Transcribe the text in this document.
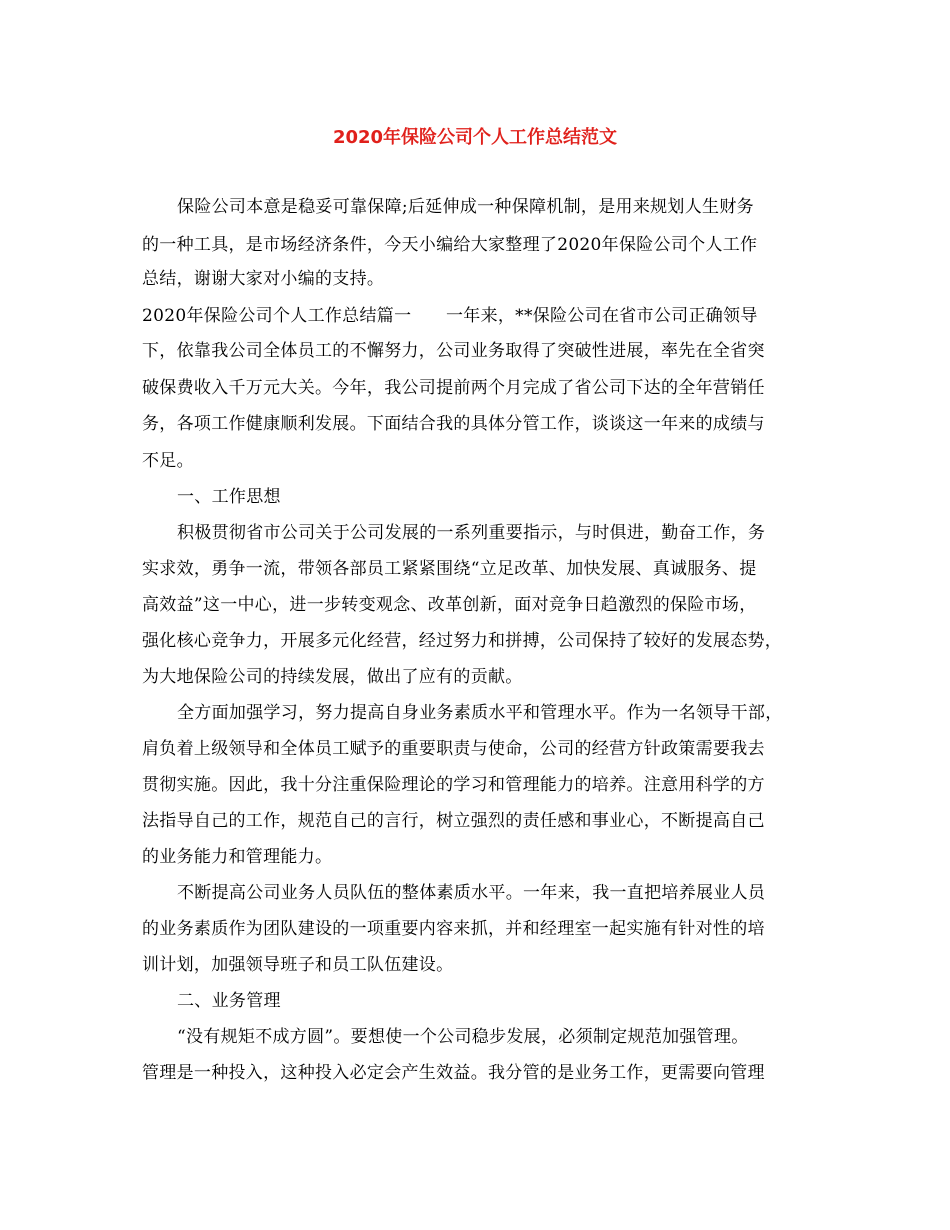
2020年保险公司个人工作总结范文
保险公司本意是稳妥可靠保障;后延伸成一种保障机制，是用来规划人生财务
的一种工具，是市场经济条件，今天小编给大家整理了2020年保险公司个人工作
总结，谢谢大家对小编的支持。
2020年保险公司个人工作总结篇一　　一年来，**保险公司在省市公司正确领导
下，依靠我公司全体员工的不懈努力，公司业务取得了突破性进展，率先在全省突
破保费收入千万元大关。今年，我公司提前两个月完成了省公司下达的全年营销任
务，各项工作健康顺利发展。下面结合我的具体分管工作，谈谈这一年来的成绩与
不足。
一、工作思想
积极贯彻省市公司关于公司发展的一系列重要指示，与时俱进，勤奋工作，务
实求效，勇争一流，带领各部员工紧紧围绕“立足改革、加快发展、真诚服务、提
高效益”这一中心，进一步转变观念、改革创新，面对竞争日趋激烈的保险市场，
强化核心竞争力，开展多元化经营，经过努力和拼搏，公司保持了较好的发展态势，
为大地保险公司的持续发展，做出了应有的贡献。
全方面加强学习，努力提高自身业务素质水平和管理水平。作为一名领导干部，
肩负着上级领导和全体员工赋予的重要职责与使命，公司的经营方针政策需要我去
贯彻实施。因此，我十分注重保险理论的学习和管理能力的培养。注意用科学的方
法指导自己的工作，规范自己的言行，树立强烈的责任感和事业心，不断提高自己
的业务能力和管理能力。
不断提高公司业务人员队伍的整体素质水平。一年来，我一直把培养展业人员
的业务素质作为团队建设的一项重要内容来抓，并和经理室一起实施有针对性的培
训计划，加强领导班子和员工队伍建设。
二、业务管理
“没有规矩不成方圆”。要想使一个公司稳步发展，必须制定规范加强管理。
管理是一种投入，这种投入必定会产生效益。我分管的是业务工作，更需要向管理
